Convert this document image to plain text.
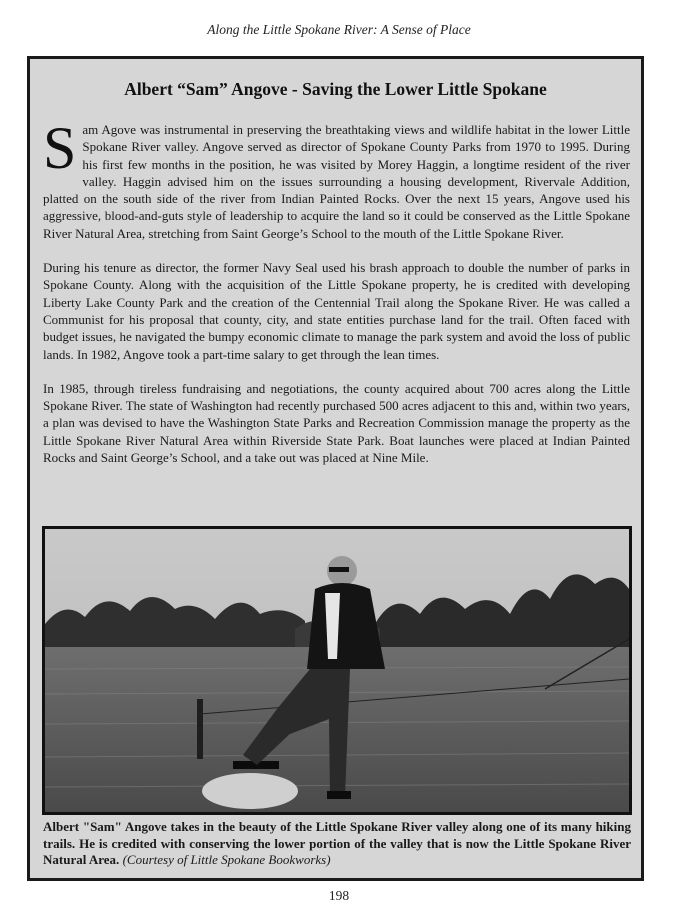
Along the Little Spokane River: A Sense of Place
Albert “Sam” Angove - Saving the Lower Little Spokane

S am Agove was instrumental in preserving the breathtaking views and wildlife habitat in the lower Little Spokane River valley. Angove served as director of Spokane County Parks from 1970 to 1995. During his first few months in the position, he was visited by Morey Haggin, a longtime resident of the river valley. Haggin advised him on the issues surrounding a housing development, Rivervale Addition, platted on the south side of the river from Indian Painted Rocks. Over the next 15 years, Angove used his aggressive, blood-and-guts style of leadership to acquire the land so it could be conserved as the Little Spokane River Natural Area, stretching from Saint George’s School to the mouth of the Little Spokane River.

During his tenure as director, the former Navy Seal used his brash approach to double the number of parks in Spokane County. Along with the acquisition of the Little Spokane property, he is credited with developing Liberty Lake County Park and the creation of the Centennial Trail along the Spokane River. He was called a Communist for his proposal that county, city, and state entities purchase land for the trail. Often faced with budget issues, he navigated the bumpy economic climate to manage the park system and avoid the loss of public lands. In 1982, Angove took a part-time salary to get through the lean times.

In 1985, through tireless fundraising and negotiations, the county acquired about 700 acres along the Little Spokane River. The state of Washington had recently purchased 500 acres adjacent to this and, within two years, a plan was devised to have the Washington State Parks and Recreation Commission manage the property as the Little Spokane River Natural Area within Riverside State Park. Boat launches were placed at Indian Painted Rocks and Saint George’s School, and a take out was placed at Nine Mile.

Albert "Sam" Angove takes in the beauty of the Little Spokane River valley along one of its many hiking trails. He is credited with conserving the lower portion of the valley that is now the Little Spokane River Natural Area. (Courtesy of Little Spokane Bookworks)
198
